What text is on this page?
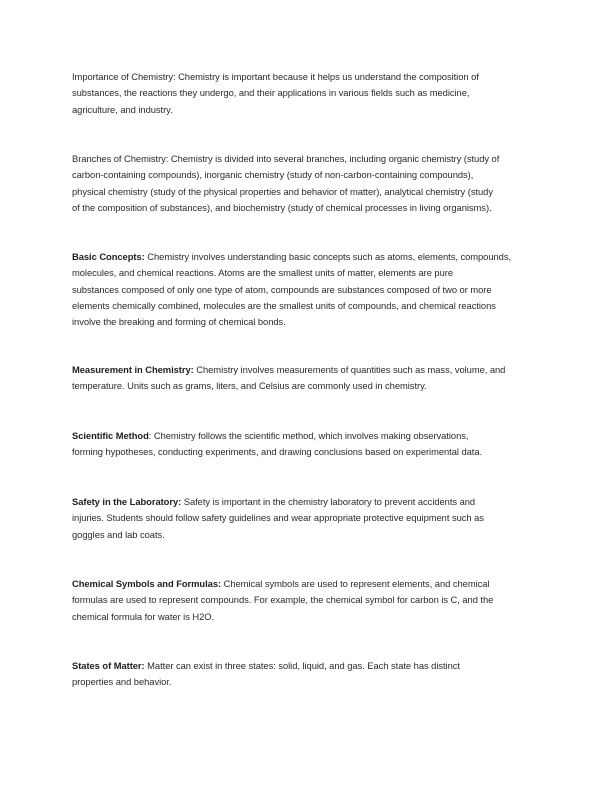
Importance of Chemistry: Chemistry is important because it helps us understand the composition of
substances, the reactions they undergo, and their applications in various fields such as medicine,
agriculture, and industry.
Branches of Chemistry: Chemistry is divided into several branches, including organic chemistry (study of
carbon-containing compounds), inorganic chemistry (study of non-carbon-containing compounds),
physical chemistry (study of the physical properties and behavior of matter), analytical chemistry (study
of the composition of substances), and biochemistry (study of chemical processes in living organisms).
Basic Concepts: Chemistry involves understanding basic concepts such as atoms, elements, compounds,
molecules, and chemical reactions. Atoms are the smallest units of matter, elements are pure
substances composed of only one type of atom, compounds are substances composed of two or more
elements chemically combined, molecules are the smallest units of compounds, and chemical reactions
involve the breaking and forming of chemical bonds.
Measurement in Chemistry: Chemistry involves measurements of quantities such as mass, volume, and
temperature. Units such as grams, liters, and Celsius are commonly used in chemistry.
Scientific Method: Chemistry follows the scientific method, which involves making observations,
forming hypotheses, conducting experiments, and drawing conclusions based on experimental data.
Safety in the Laboratory: Safety is important in the chemistry laboratory to prevent accidents and
injuries. Students should follow safety guidelines and wear appropriate protective equipment such as
goggles and lab coats.
Chemical Symbols and Formulas: Chemical symbols are used to represent elements, and chemical
formulas are used to represent compounds. For example, the chemical symbol for carbon is C, and the
chemical formula for water is H2O.
States of Matter: Matter can exist in three states: solid, liquid, and gas. Each state has distinct
properties and behavior.
